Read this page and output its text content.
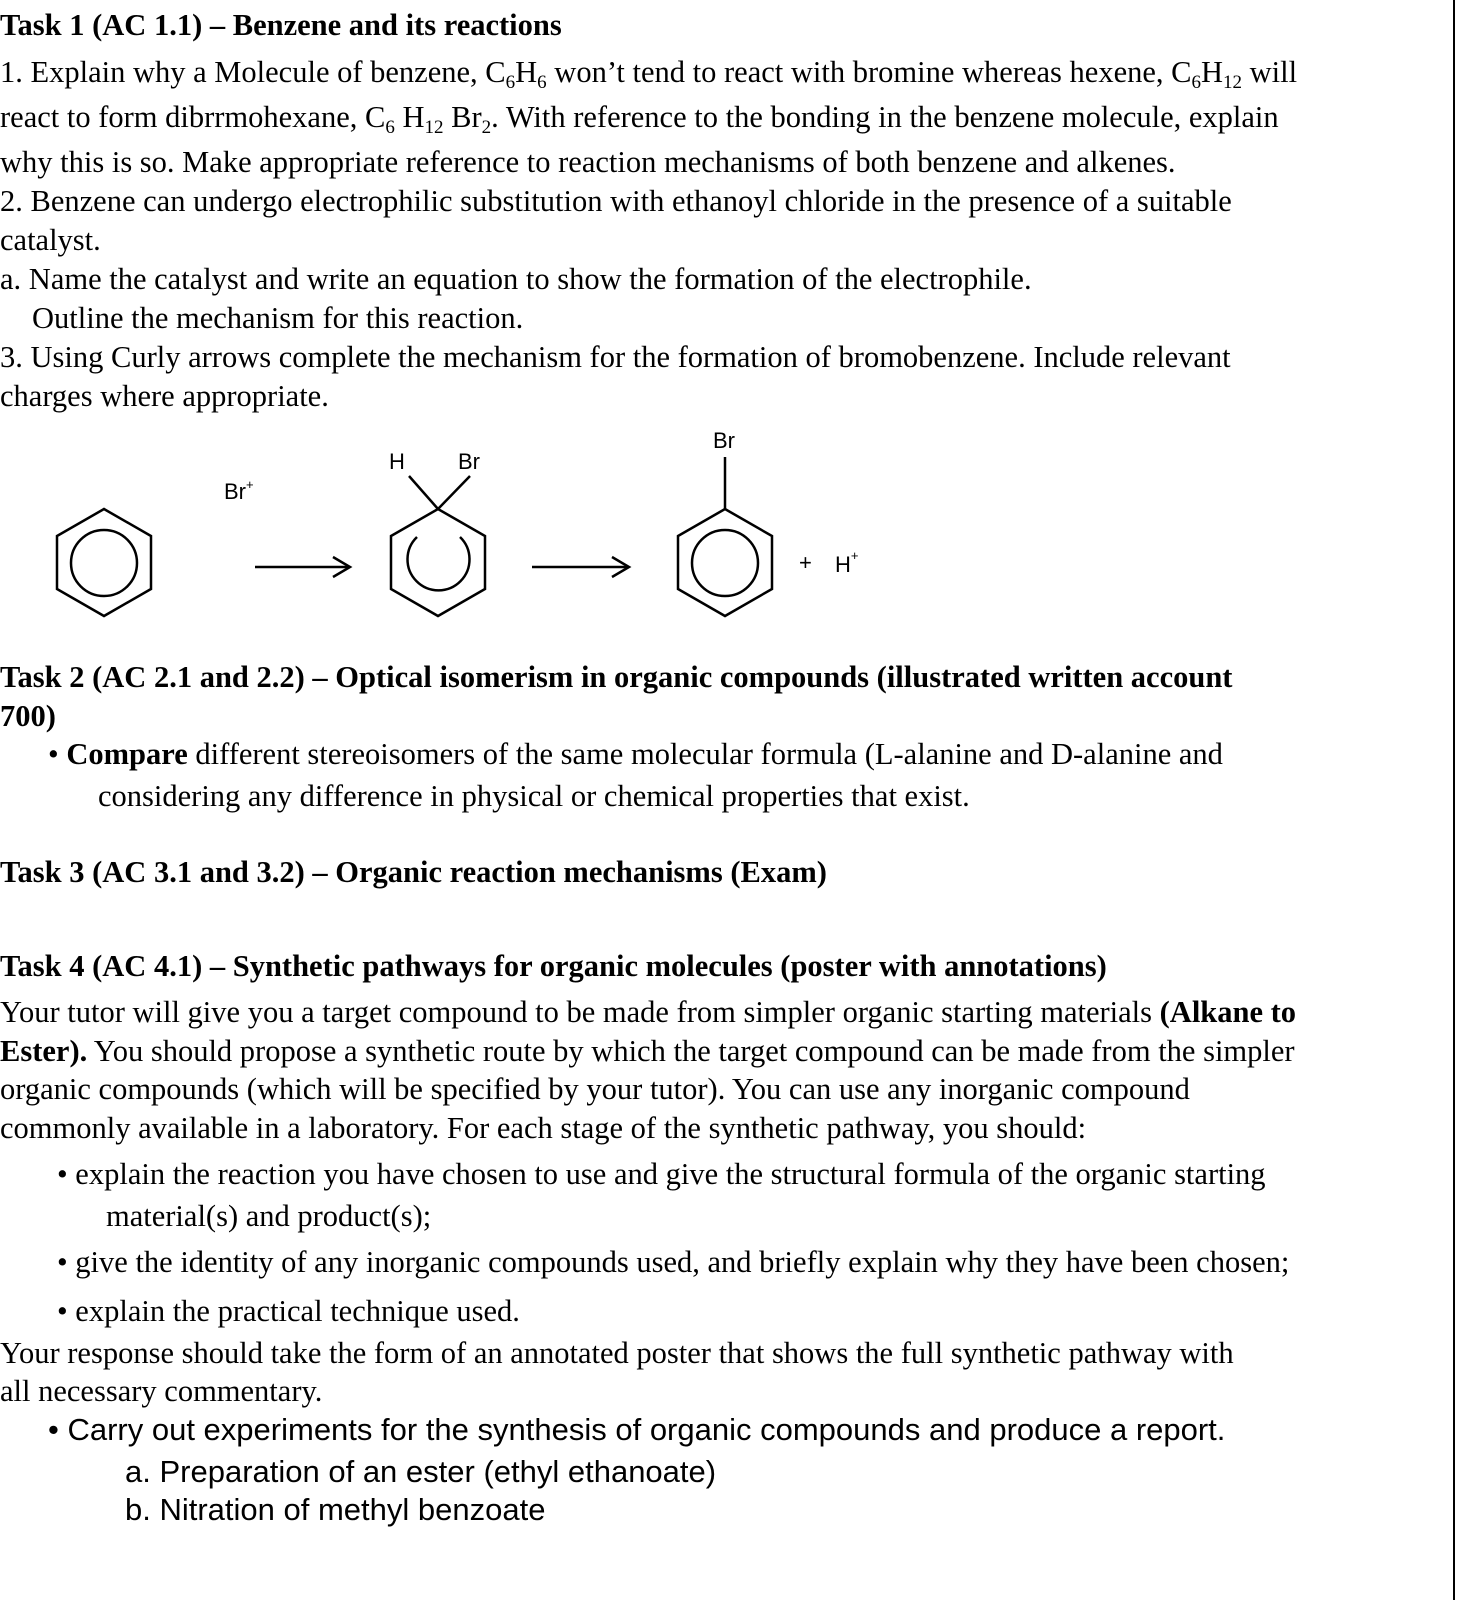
Task 1 (AC 1.1) – Benzene and its reactions
1. Explain why a Molecule of benzene, C6H6 won’t tend to react with bromine whereas hexene, C6H12 will
react to form dibrrmohexane, C6 H12 Br2. With reference to the bonding in the benzene molecule, explain
why this is so. Make appropriate reference to reaction mechanisms of both benzene and alkenes.
2. Benzene can undergo electrophilic substitution with ethanoyl chloride in the presence of a suitable
catalyst.
a. Name the catalyst and write an equation to show the formation of the electrophile.
Outline the mechanism for this reaction.
3. Using Curly arrows complete the mechanism for the formation of bromobenzene. Include relevant
charges where appropriate.
Br+
H Br
Br
+ H+
Task 2 (AC 2.1 and 2.2) – Optical isomerism in organic compounds (illustrated written account
700)
• Compare different stereoisomers of the same molecular formula (L-alanine and D-alanine and
considering any difference in physical or chemical properties that exist.
Task 3 (AC 3.1 and 3.2) – Organic reaction mechanisms (Exam)
Task 4 (AC 4.1) – Synthetic pathways for organic molecules (poster with annotations)
Your tutor will give you a target compound to be made from simpler organic starting materials (Alkane to
Ester). You should propose a synthetic route by which the target compound can be made from the simpler
organic compounds (which will be specified by your tutor). You can use any inorganic compound
commonly available in a laboratory. For each stage of the synthetic pathway, you should:
• explain the reaction you have chosen to use and give the structural formula of the organic starting
material(s) and product(s);
• give the identity of any inorganic compounds used, and briefly explain why they have been chosen;
• explain the practical technique used.
Your response should take the form of an annotated poster that shows the full synthetic pathway with
all necessary commentary.
• Carry out experiments for the synthesis of organic compounds and produce a report.
a. Preparation of an ester (ethyl ethanoate)
b. Nitration of methyl benzoate
